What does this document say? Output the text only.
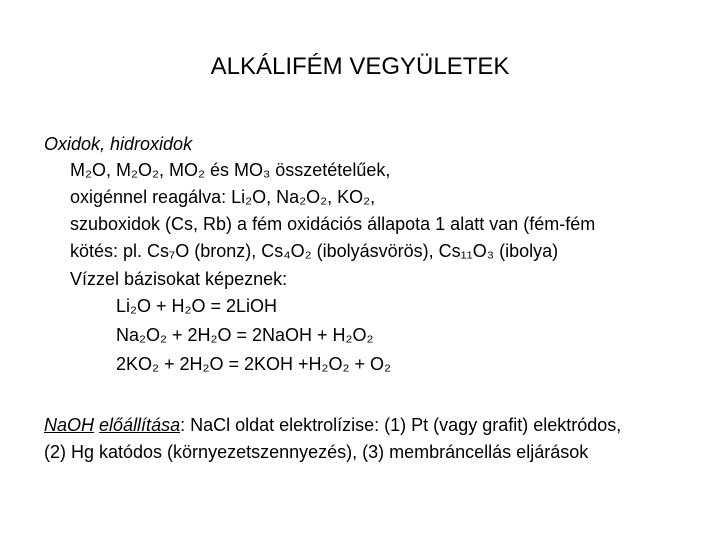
ALKÁLIFÉM VEGYÜLETEK
Oxidok, hidroxidok
M₂O, M₂O₂, MO₂ és MO₃ összetételűek,
oxigénnel reagálva: Li₂O, Na₂O₂, KO₂,
szuboxidok (Cs, Rb) a fém oxidációs állapota 1 alatt van (fém-fém
kötés: pl. Cs₇O (bronz), Cs₄O₂ (ibolyásvörös), Cs₁₁O₃ (ibolya)
Vízzel bázisokat képeznek:
Li₂O + H₂O = 2LiOH
Na₂O₂ + 2H₂O = 2NaOH + H₂O₂
2KO₂ + 2H₂O = 2KOH +H₂O₂ + O₂
NaOH előállítása: NaCl oldat elektrolízise: (1) Pt (vagy grafit) elektródos,
(2) Hg katódos (környezetszennyezés), (3) membráncellás eljárások
